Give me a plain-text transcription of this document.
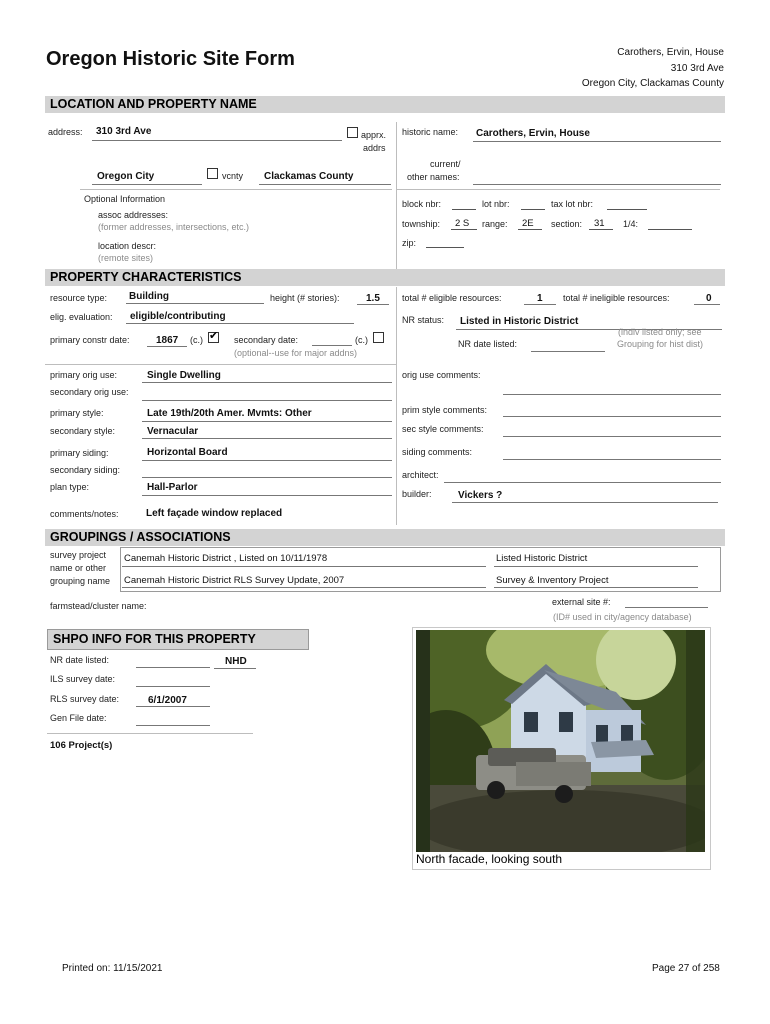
Oregon Historic Site Form	Carothers, Ervin, House
310 3rd Ave
Oregon City, Clackamas County
LOCATION AND PROPERTY NAME
address: 310 3rd Ave	apprx.
addrs
historic name: Carothers, Ervin, House
Oregon City	vcnty Clackamas County
current/
other names:
Optional Information
assoc addresses:
(former addresses, intersections, etc.)
location descr:
(remote sites)
block nbr:	lot nbr:	tax lot nbr:
township: 2 S range: 2E section: 31 1/4:
zip:
PROPERTY CHARACTERISTICS
resource type: Building	height (# stories):	1.5 total # eligible resources:	1 total # ineligible resources:	0
elig. evaluation: eligible/contributing	NR status: Listed in Historic District
primary constr date:	1867 (c.)
✔	secondary date:	(c.)
(optional--use for major addns)
NR date listed:
(indiv listed only; see
Grouping for hist dist)
primary orig use:	Single Dwelling
secondary orig use:
orig use comments:
primary style:	Late 19th/20th Amer. Mvmts: Other
secondary style:	Vernacular
prim style comments:
sec style comments:
primary siding:	Horizontal Board
secondary siding:
siding comments:
plan type:	Hall-Parlor
architect:
builder:	Vickers ?
comments/notes:	Left façade window replaced
GROUPINGS / ASSOCIATIONS
survey project
name or other
grouping name
Canemah Historic District , Listed on 10/11/1978	Listed Historic District
Canemah Historic District RLS Survey Update, 2007	Survey & Inventory Project
farmstead/cluster name:	external site #:
(ID# used in city/agency database)
SHPO INFO FOR THIS PROPERTY
NR date listed:	NHD
ILS survey date:
RLS survey date:	6/1/2007
Gen File date:
106 Project(s)
North facade, looking south
Printed on: 11/15/2021	Page 27 of 258
